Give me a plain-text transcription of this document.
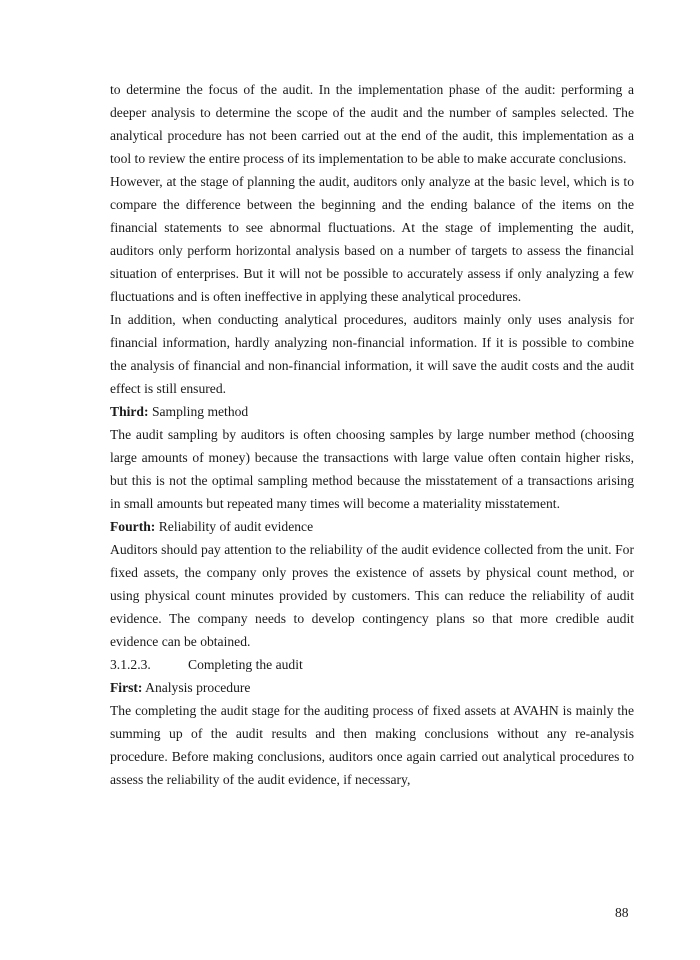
to determine the focus of the audit. In the implementation phase of the audit: performing a deeper analysis to determine the scope of the audit and the number of samples selected. The analytical procedure has not been carried out at the end of the audit, this implementation as a tool to review the entire process of its implementation to be able to make accurate conclusions.

However, at the stage of planning the audit, auditors only analyze at the basic level, which is to compare the difference between the beginning and the ending balance of the items on the financial statements to see abnormal fluctuations. At the stage of implementing the audit, auditors only perform horizontal analysis based on a number of targets to assess the financial situation of enterprises. But it will not be possible to accurately assess if only analyzing a few fluctuations and is often ineffective in applying these analytical procedures.

In addition, when conducting analytical procedures, auditors mainly only uses analysis for financial information, hardly analyzing non-financial information. If it is possible to combine the analysis of financial and non-financial information, it will save the audit costs and the audit effect is still ensured.

Third: Sampling method

The audit sampling by auditors is often choosing samples by large number method (choosing large amounts of money) because the transactions with large value often contain higher risks, but this is not the optimal sampling method because the misstatement of a transactions arising in small amounts but repeated many times will become a materiality misstatement.

Fourth: Reliability of audit evidence

Auditors should pay attention to the reliability of the audit evidence collected from the unit. For fixed assets, the company only proves the existence of assets by physical count method, or using physical count minutes provided by customers. This can reduce the reliability of audit evidence. The company needs to develop contingency plans so that more credible audit evidence can be obtained.

3.1.2.3.	Completing the audit

First: Analysis procedure

The completing the audit stage for the auditing process of fixed assets at AVAHN is mainly the summing up of the audit results and then making conclusions without any re-analysis procedure. Before making conclusions, auditors once again carried out analytical procedures to assess the reliability of the audit evidence, if necessary,

88
